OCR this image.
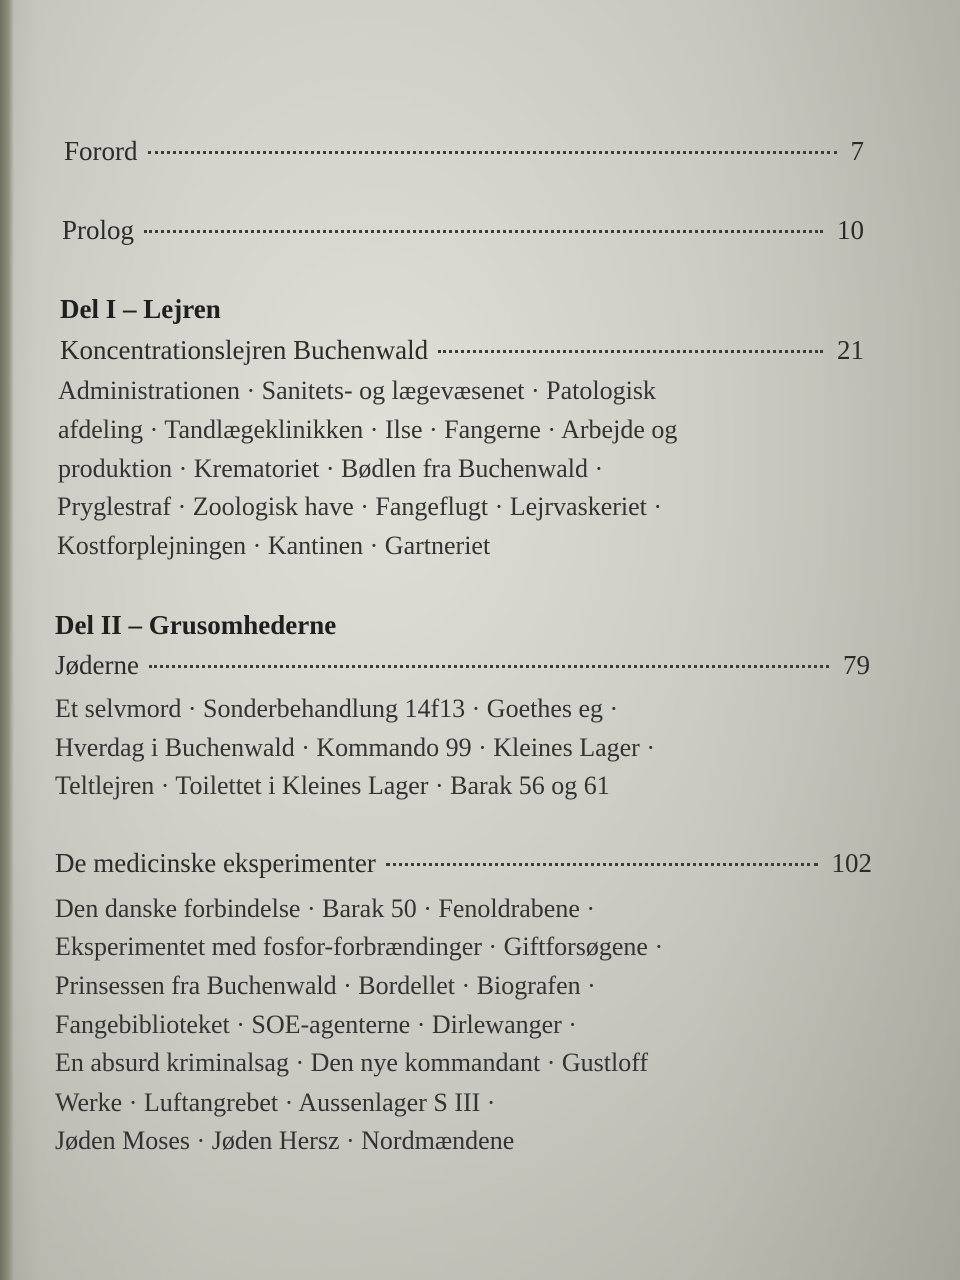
Forord	7
Prolog	10
Del I – Lejren
Koncentrationslejren Buchenwald	21
Administrationen · Sanitets- og lægevæsenet · Patologisk
afdeling · Tandlægeklinikken · Ilse · Fangerne · Arbejde og
produktion · Krematoriet · Bødlen fra Buchenwald ·
Pryglestraf · Zoologisk have · Fangeflugt · Lejrvaskeriet ·
Kostforplejningen · Kantinen · Gartneriet
Del II – Grusomhederne
Jøderne	79
Et selvmord · Sonderbehandlung 14f13 · Goethes eg ·
Hverdag i Buchenwald · Kommando 99 · Kleines Lager ·
Teltlejren · Toilettet i Kleines Lager · Barak 56 og 61
De medicinske eksperimenter	102
Den danske forbindelse · Barak 50 · Fenoldrabene ·
Eksperimentet med fosfor-forbrændinger · Giftforsøgene ·
Prinsessen fra Buchenwald · Bordellet · Biografen ·
Fangebiblioteket · SOE-agenterne · Dirlewanger ·
En absurd kriminalsag · Den nye kommandant · Gustloff
Werke · Luftangrebet · Aussenlager S III ·
Jøden Moses · Jøden Hersz · Nordmændene
